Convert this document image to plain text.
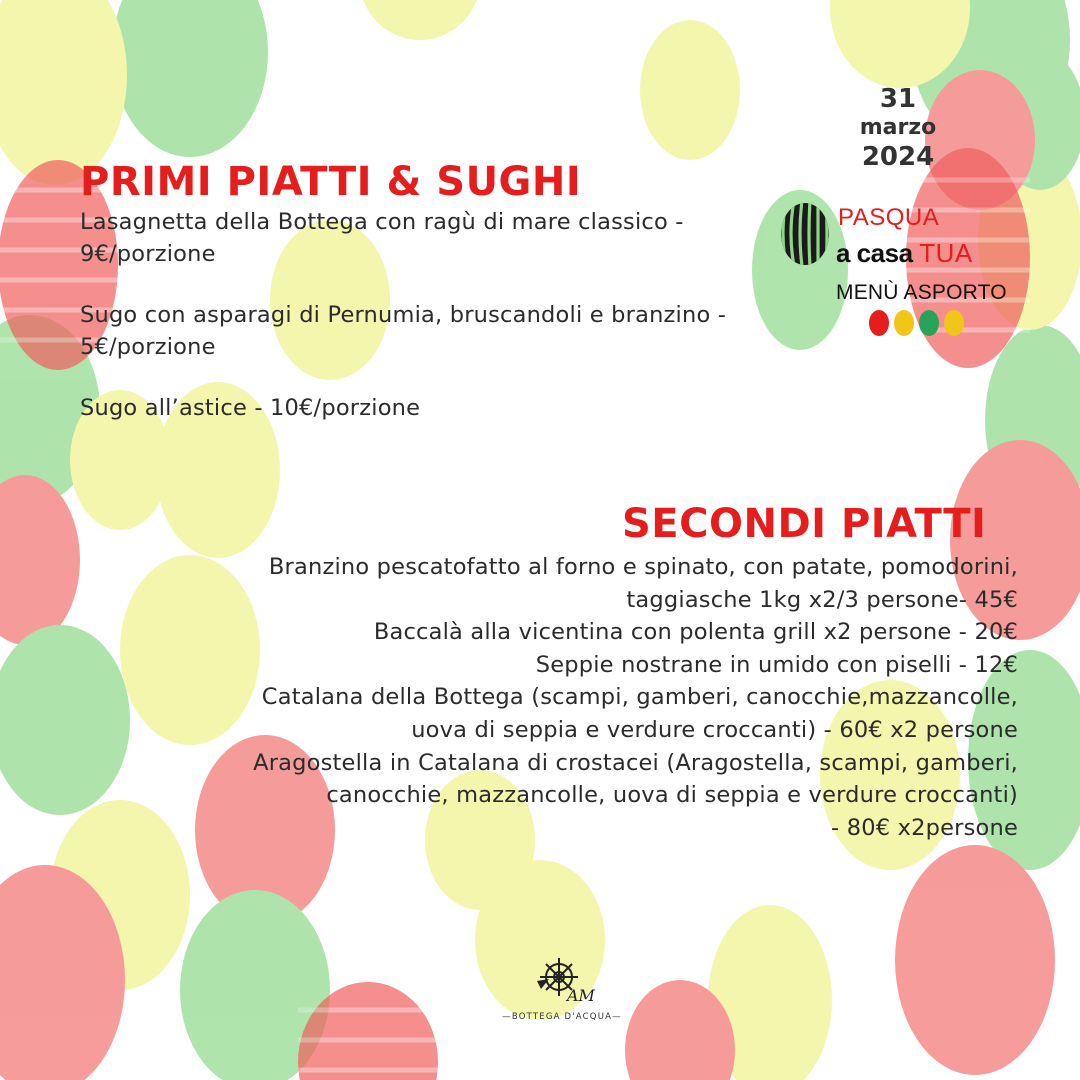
31
marzo
2024
PASQUA
a casa TUA
MENÙ ASPORTO
PRIMI PIATTI & SUGHI
Lasagnetta della Bottega con ragù di mare classico - 9€/porzione
Sugo con asparagi di Pernumia, bruscandoli e branzino - 5€/porzione
Sugo all’astice - 10€/porzione
SECONDI PIATTI
Branzino pescatofatto al forno e spinato, con patate, pomodorini,
taggiasche 1kg x2/3 persone- 45€
Baccalà alla vicentina con polenta grill x2 persone - 20€
Seppie nostrane in umido con piselli - 12€
Catalana della Bottega (scampi, gamberi, canocchie,mazzancolle,
uova di seppia e verdure croccanti) - 60€ x2 persone
Aragostella in Catalana di crostacei (Aragostella, scampi, gamberi,
canocchie, mazzancolle, uova di seppia e verdure croccanti)
- 80€ x2persone
AM
—BOTTEGA D'ACQUA—
